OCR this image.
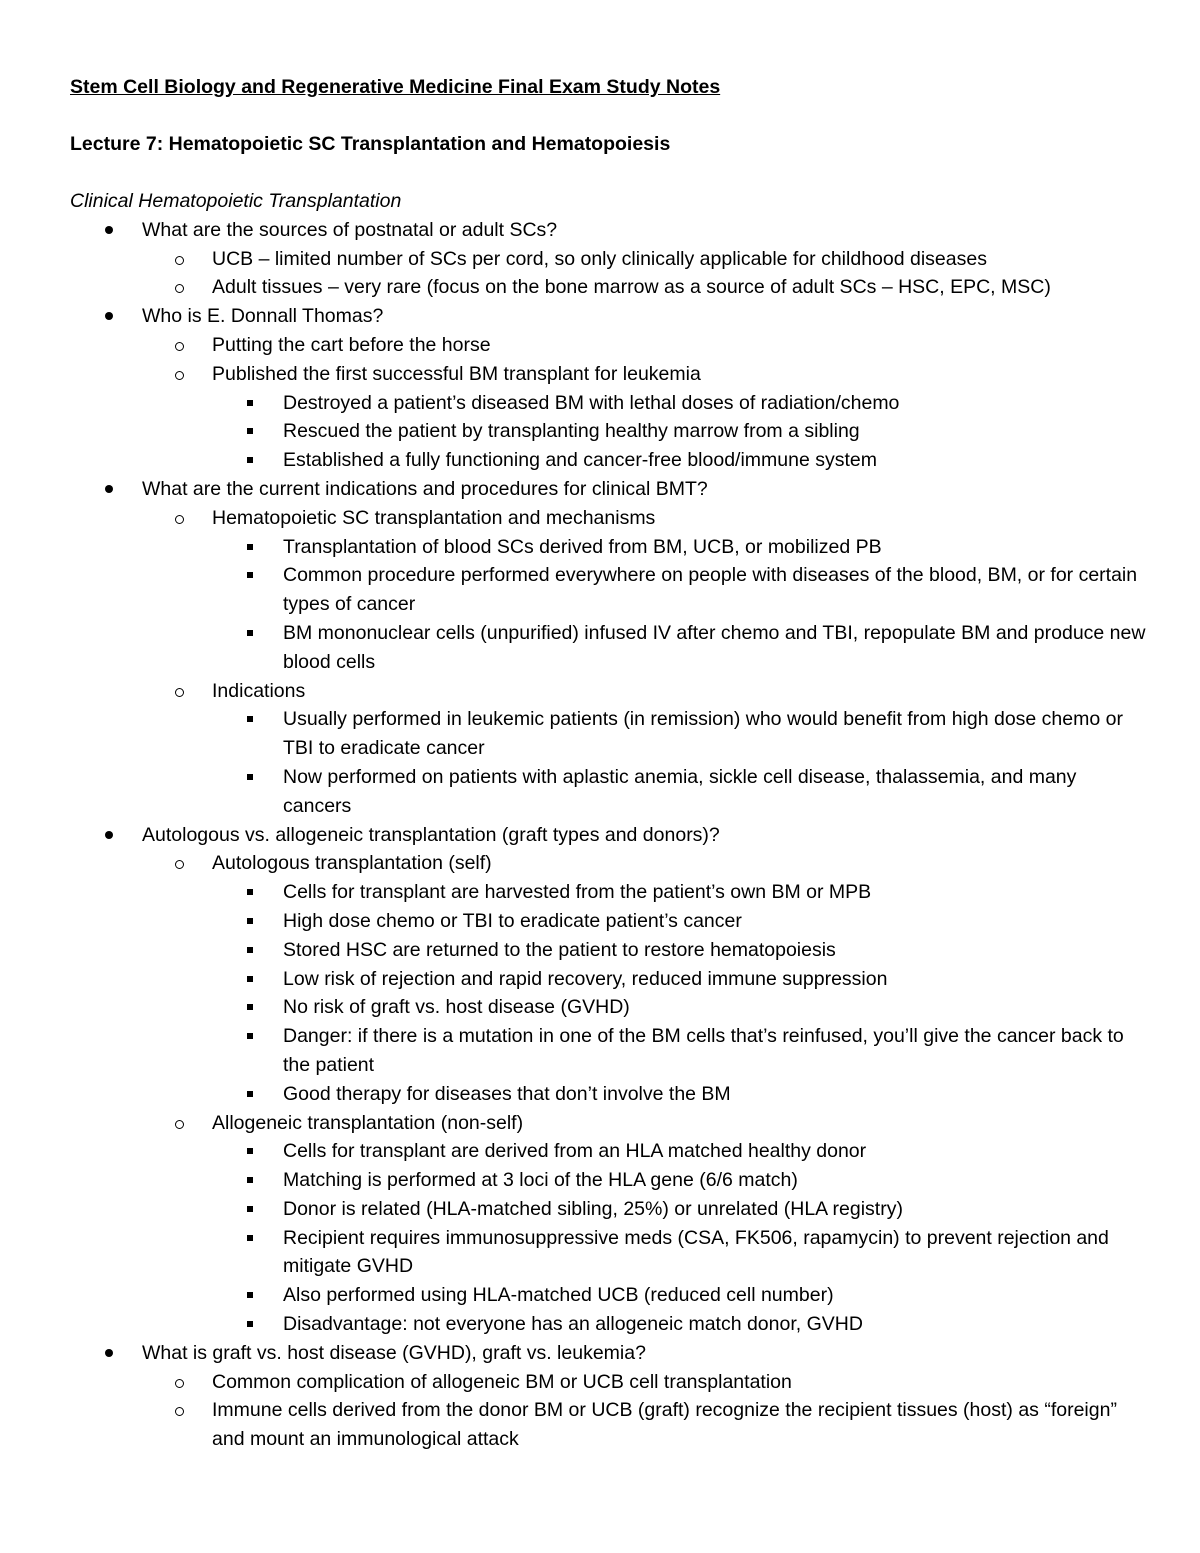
Stem Cell Biology and Regenerative Medicine Final Exam Study Notes
Lecture 7: Hematopoietic SC Transplantation and Hematopoiesis
Clinical Hematopoietic Transplantation
What are the sources of postnatal or adult SCs?
UCB – limited number of SCs per cord, so only clinically applicable for childhood diseases
Adult tissues – very rare (focus on the bone marrow as a source of adult SCs – HSC, EPC, MSC)
Who is E. Donnall Thomas?
Putting the cart before the horse
Published the first successful BM transplant for leukemia
Destroyed a patient’s diseased BM with lethal doses of radiation/chemo
Rescued the patient by transplanting healthy marrow from a sibling
Established a fully functioning and cancer-free blood/immune system
What are the current indications and procedures for clinical BMT?
Hematopoietic SC transplantation and mechanisms
Transplantation of blood SCs derived from BM, UCB, or mobilized PB
Common procedure performed everywhere on people with diseases of the blood, BM, or for certain types of cancer
BM mononuclear cells (unpurified) infused IV after chemo and TBI, repopulate BM and produce new blood cells
Indications
Usually performed in leukemic patients (in remission) who would benefit from high dose chemo or TBI to eradicate cancer
Now performed on patients with aplastic anemia, sickle cell disease, thalassemia, and many cancers
Autologous vs. allogeneic transplantation (graft types and donors)?
Autologous transplantation (self)
Cells for transplant are harvested from the patient’s own BM or MPB
High dose chemo or TBI to eradicate patient’s cancer
Stored HSC are returned to the patient to restore hematopoiesis
Low risk of rejection and rapid recovery, reduced immune suppression
No risk of graft vs. host disease (GVHD)
Danger: if there is a mutation in one of the BM cells that’s reinfused, you’ll give the cancer back to the patient
Good therapy for diseases that don’t involve the BM
Allogeneic transplantation (non-self)
Cells for transplant are derived from an HLA matched healthy donor
Matching is performed at 3 loci of the HLA gene (6/6 match)
Donor is related (HLA-matched sibling, 25%) or unrelated (HLA registry)
Recipient requires immunosuppressive meds (CSA, FK506, rapamycin) to prevent rejection and mitigate GVHD
Also performed using HLA-matched UCB (reduced cell number)
Disadvantage: not everyone has an allogeneic match donor, GVHD
What is graft vs. host disease (GVHD), graft vs. leukemia?
Common complication of allogeneic BM or UCB cell transplantation
Immune cells derived from the donor BM or UCB (graft) recognize the recipient tissues (host) as “foreign” and mount an immunological attack
